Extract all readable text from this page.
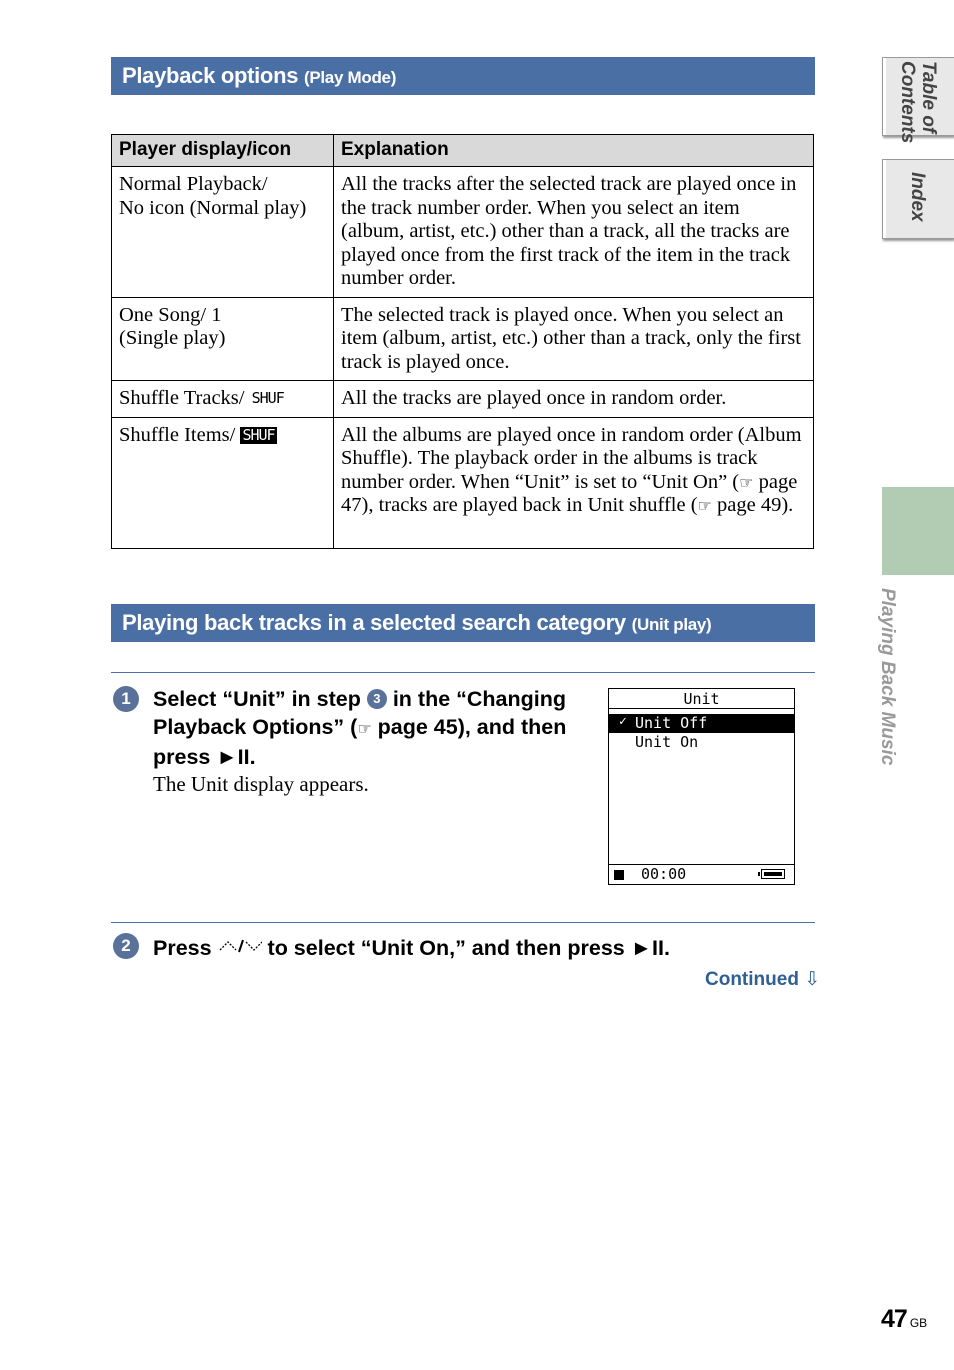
Playback options (Play Mode)
Player display/icon	Explanation
Normal Playback/
No icon (Normal play)	All the tracks after the selected track are played once in the track number order. When you select an item (album, artist, etc.) other than a track, all the tracks are played once from the first track of the item in the track number order.
One Song/ 1
(Single play)	The selected track is played once. When you select an item (album, artist, etc.) other than a track, only the first track is played once.
Shuffle Tracks/ SHUF	All the tracks are played once in random order.
Shuffle Items/ SHUF	All the albums are played once in random order (Album Shuffle). The playback order in the albums is track number order. When “Unit” is set to “Unit On” (☞ page 47), tracks are played back in Unit shuffle (☞ page 49).
Playing back tracks in a selected search category (Unit play)
1	Select “Unit” in step 3 in the “Changing Playback Options” (☞ page 45), and then press ►II.
The Unit display appears.
Unit
✓ Unit Off
Unit On
00:00
2	Press  to select “Unit On,” and then press ►II.
Continued ⇩
Table of
Contents
Index
Playing Back Music
47 GB
